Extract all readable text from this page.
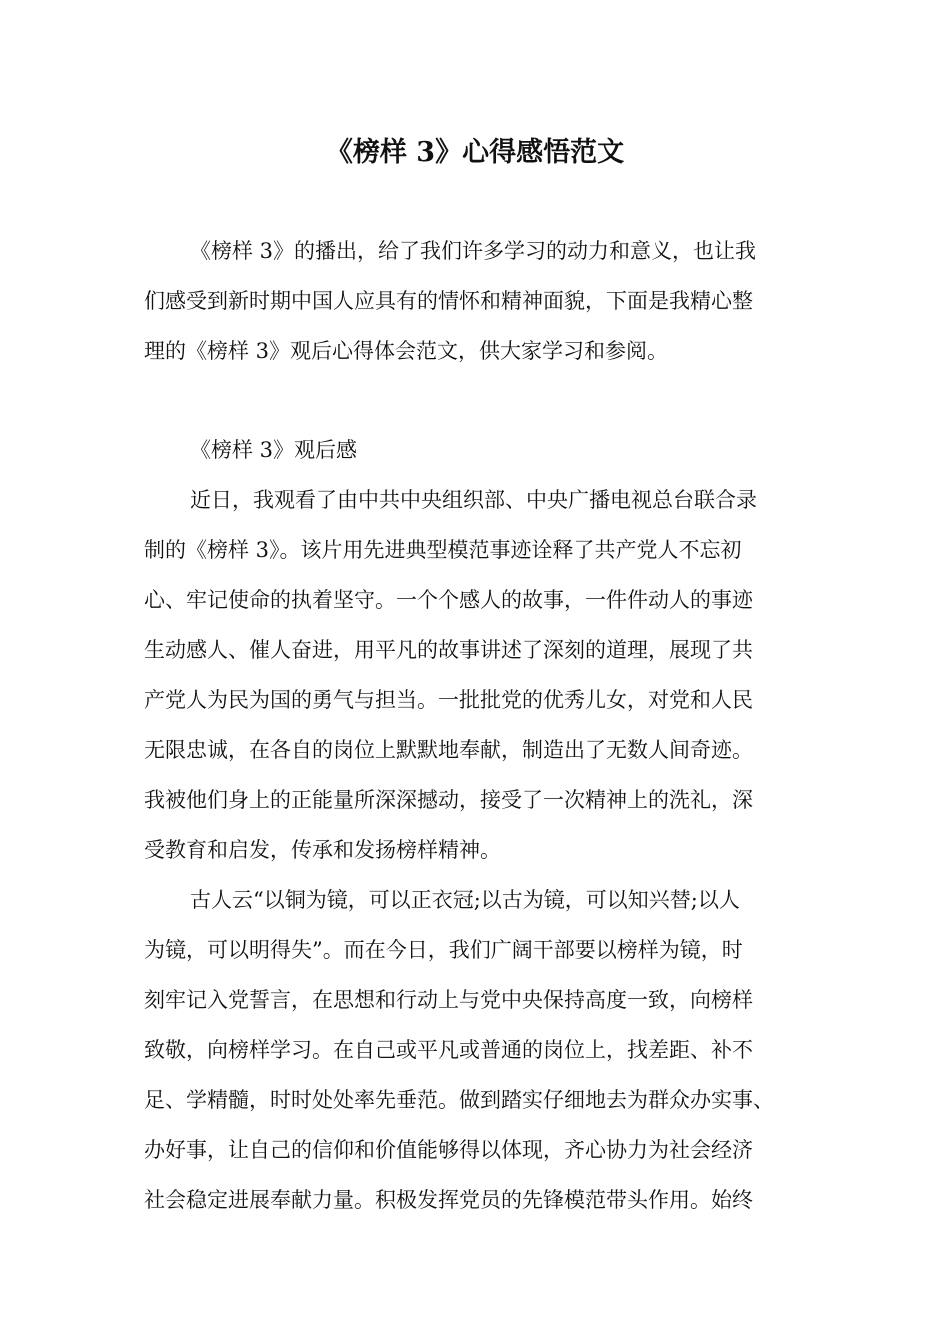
《榜样 3》心得感悟范文
《榜样 3》的播出，给了我们许多学习的动力和意义，也让我
们感受到新时期中国人应具有的情怀和精神面貌，下面是我精心整
理的《榜样 3》观后心得体会范文，供大家学习和参阅。
《榜样 3》观后感
近日，我观看了由中共中央组织部、中央广播电视总台联合录
制的《榜样 3》。该片用先进典型模范事迹诠释了共产党人不忘初
心、牢记使命的执着坚守。一个个感人的故事，一件件动人的事迹
生动感人、催人奋进，用平凡的故事讲述了深刻的道理，展现了共
产党人为民为国的勇气与担当。一批批党的优秀儿女，对党和人民
无限忠诚，在各自的岗位上默默地奉献，制造出了无数人间奇迹。
我被他们身上的正能量所深深撼动，接受了一次精神上的洗礼，深
受教育和启发，传承和发扬榜样精神。
古人云“以铜为镜，可以正衣冠;以古为镜，可以知兴替;以人
为镜，可以明得失”。而在今日，我们广阔干部要以榜样为镜，时
刻牢记入党誓言，在思想和行动上与党中央保持高度一致，向榜样
致敬，向榜样学习。在自己或平凡或普通的岗位上，找差距、补不
足、学精髓，时时处处率先垂范。做到踏实仔细地去为群众办实事、
办好事，让自己的信仰和价值能够得以体现，齐心协力为社会经济
社会稳定进展奉献力量。积极发挥党员的先锋模范带头作用。始终
